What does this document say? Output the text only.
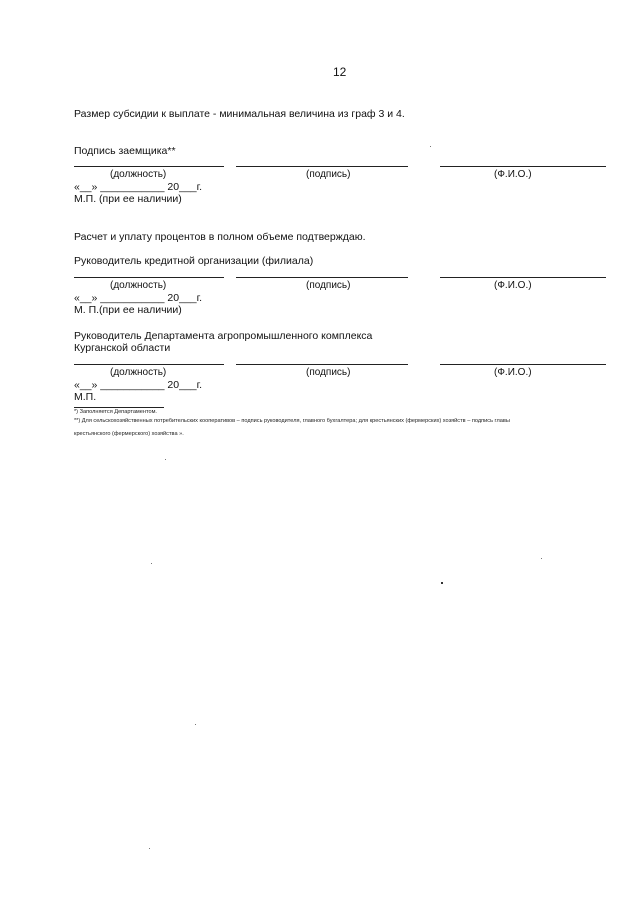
12
Размер субсидии к выплате - минимальная величина из граф 3 и 4.
Подпись заемщика**
(должность)	(подпись)	(Ф.И.О.)
«__» ___________ 20___г.
М.П. (при ее наличии)
Расчет и уплату процентов в полном объеме подтверждаю.
Руководитель кредитной организации (филиала)
(должность)	(подпись)	(Ф.И.О.)
«__» ___________ 20___г.
М. П.(при ее наличии)
Руководитель Департамента агропромышленного комплекса
Курганской области
(должность)	(подпись)	(Ф.И.О.)
«__» ___________ 20___г.
М.П.
*) Заполняется Департаментом.
**) Для сельскохозяйственных потребительских кооперативов – подпись руководителя, главного бухгалтера; для крестьянских (фермерских) хозяйств – подпись главы
крестьянского (фермерского) хозяйства ».
